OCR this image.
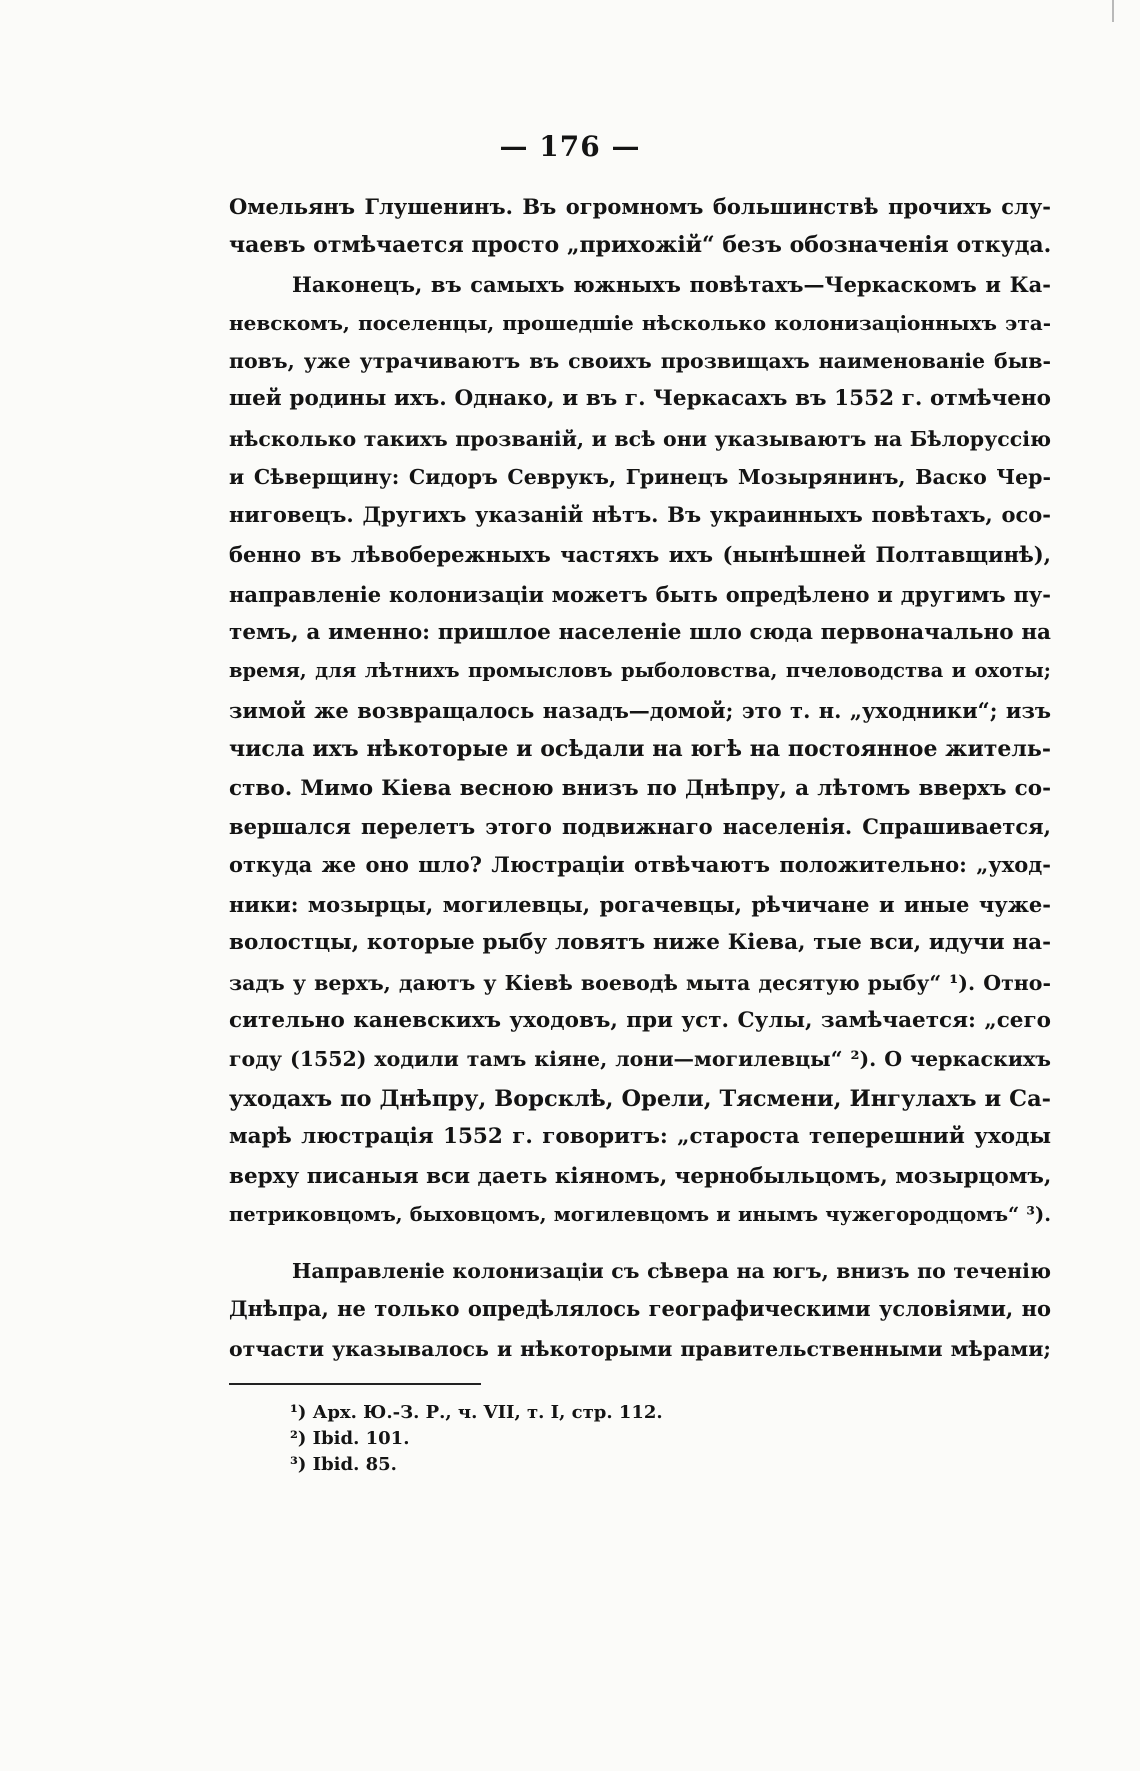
— 176 —
Омельянъ Глушенинъ. Въ огромномъ большинствѣ прочихъ слу-
чаевъ отмѣчается просто „прихожій“ безъ обозначенія откуда.
Наконецъ, въ самыхъ южныхъ повѣтахъ—Черкаскомъ и Ка-
невскомъ, поселенцы, прошедшіе нѣсколько колонизаціонныхъ эта-
повъ, уже утрачиваютъ въ своихъ прозвищахъ наименованіе быв-
шей родины ихъ. Однако, и въ г. Черкасахъ въ 1552 г. отмѣчено
нѣсколько такихъ прозваній, и всѣ они указываютъ на Бѣлоруссію
и Сѣверщину: Сидоръ Севрукъ, Гринецъ Мозырянинъ, Васко Чер-
ниговецъ. Другихъ указаній нѣтъ. Въ украинныхъ повѣтахъ, осо-
бенно въ лѣвобережныхъ частяхъ ихъ (нынѣшней Полтавщинѣ),
направленіе колонизаціи можетъ быть опредѣлено и другимъ пу-
темъ, а именно: пришлое населеніе шло сюда первоначально на
время, для лѣтнихъ промысловъ рыболовства, пчеловодства и охоты;
зимой же возвращалось назадъ—домой; это т. н. „уходники“; изъ
числа ихъ нѣкоторые и осѣдали на югѣ на постоянное житель-
ство. Мимо Кіева весною внизъ по Днѣпру, а лѣтомъ вверхъ со-
вершался перелетъ этого подвижнаго населенія. Спрашивается,
откуда же оно шло? Люстраціи отвѣчаютъ положительно: „уход-
ники: мозырцы, могилевцы, рогачевцы, рѣчичане и иные чуже-
волостцы, которые рыбу ловятъ ниже Кіева, тые вси, идучи на-
задъ у верхъ, даютъ у Кіевѣ воеводѣ мыта десятую рыбу“ ¹). Отно-
сительно каневскихъ уходовъ, при уст. Сулы, замѣчается: „сего
году (1552) ходили тамъ кіяне, лони—могилевцы“ ²). О черкаскихъ
уходахъ по Днѣпру, Ворсклѣ, Орели, Тясмени, Ингулахъ и Са-
марѣ люстрація 1552 г. говоритъ: „староста теперешний уходы
верху писаныя вси даеть кіяномъ, чернобыльцомъ, мозырцомъ,
петриковцомъ, быховцомъ, могилевцомъ и инымъ чужегородцомъ“ ³).
Направленіе колонизаціи съ сѣвера на югъ, внизъ по теченію
Днѣпра, не только опредѣлялось географическими условіями, но
отчасти указывалось и нѣкоторыми правительственными мѣрами;
¹) Арх. Ю.-З. Р., ч. VII, т. I, стр. 112.
²) Ibid. 101.
³) Ibid. 85.
